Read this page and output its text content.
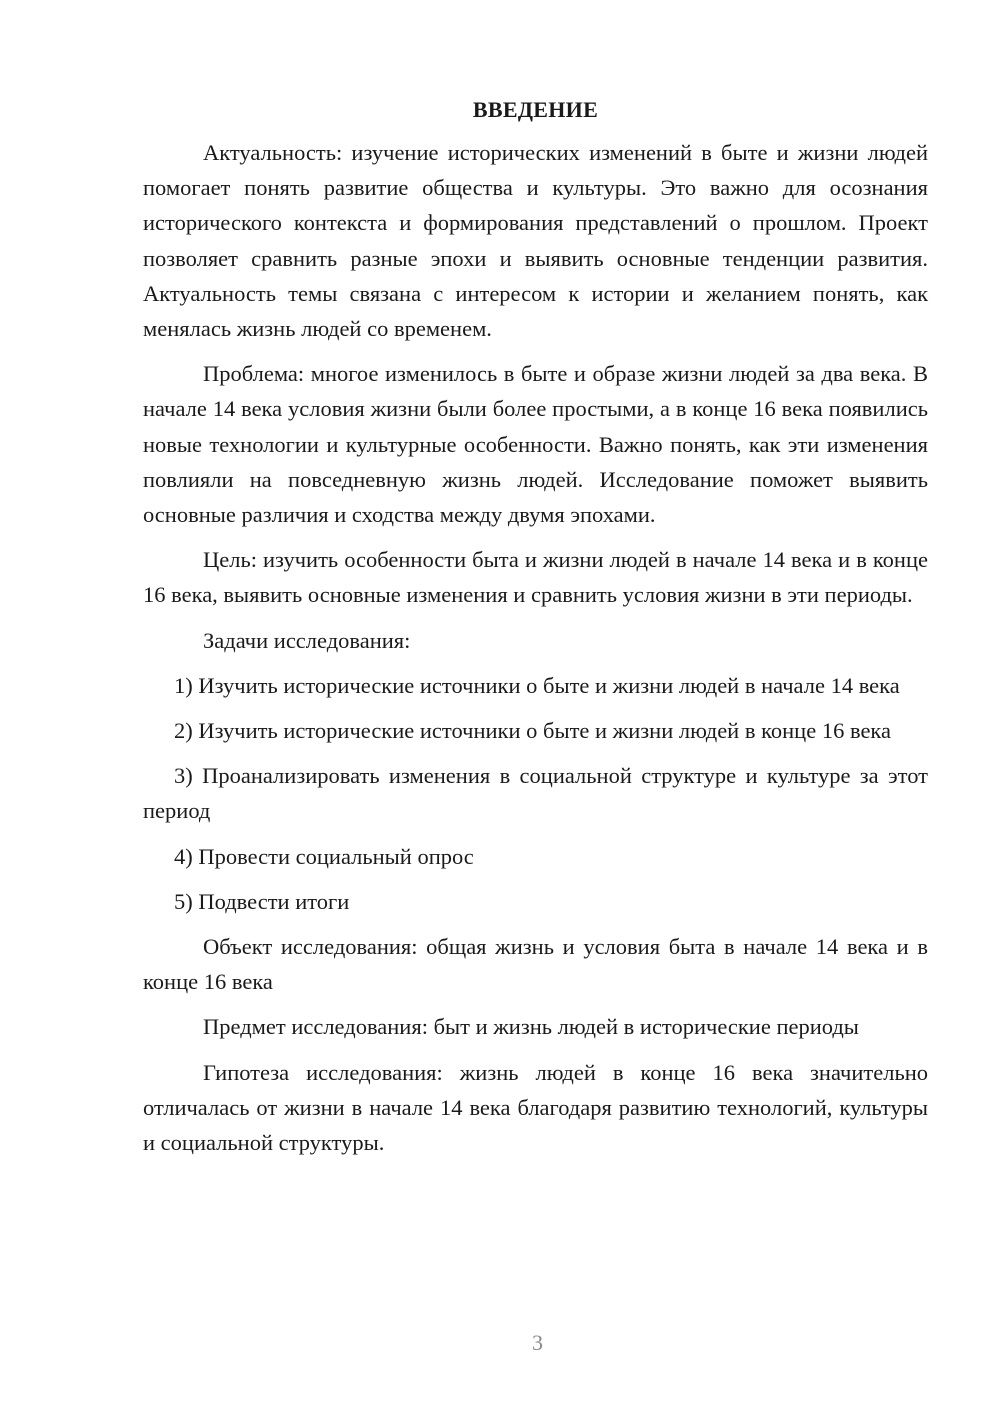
ВВЕДЕНИЕ

Актуальность: изучение исторических изменений в быте и жизни людей помогает понять развитие общества и культуры. Это важно для осознания исторического контекста и формирования представлений о прошлом. Проект позволяет сравнить разные эпохи и выявить основные тенденции развития. Актуальность темы связана с интересом к истории и желанием понять, как менялась жизнь людей со временем.

Проблема: многое изменилось в быте и образе жизни людей за два века. В начале 14 века условия жизни были более простыми, а в конце 16 века появились новые технологии и культурные особенности. Важно понять, как эти изменения повлияли на повседневную жизнь людей. Исследование поможет выявить основные различия и сходства между двумя эпохами.

Цель: изучить особенности быта и жизни людей в начале 14 века и в конце 16 века, выявить основные изменения и сравнить условия жизни в эти периоды.

Задачи исследования:

1) Изучить исторические источники о быте и жизни людей в начале 14 века

2) Изучить исторические источники о быте и жизни людей в конце 16 века

3) Проанализировать изменения в социальной структуре и культуре за этот период

4) Провести социальный опрос

5) Подвести итоги

Объект исследования: общая жизнь и условия быта в начале 14 века и в конце 16 века

Предмет исследования: быт и жизнь людей в исторические периоды

Гипотеза исследования: жизнь людей в конце 16 века значительно отличалась от жизни в начале 14 века благодаря развитию технологий, культуры и социальной структуры.

3
